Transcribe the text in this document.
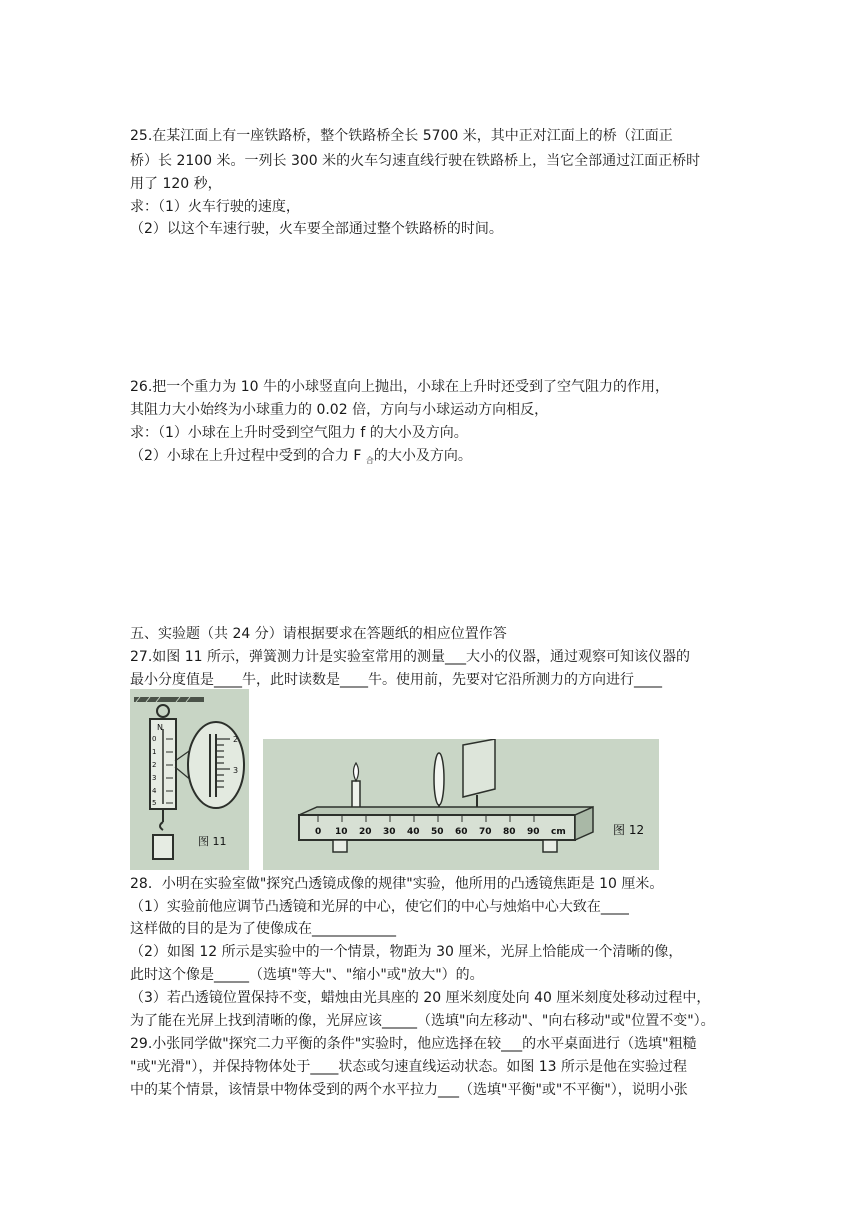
25.在某江面上有一座铁路桥，整个铁路桥全长 5700 米，其中正对江面上的桥（江面正
桥）长 2100 米。一列长 300 米的火车匀速直线行驶在铁路桥上，当它全部通过江面正桥时
用了 120 秒，
求：（1）火车行驶的速度，
（2）以这个车速行驶，火车要全部通过整个铁路桥的时间。
26.把一个重力为 10 牛的小球竖直向上抛出，小球在上升时还受到了空气阻力的作用，
其阻力大小始终为小球重力的 0.02 倍，方向与小球运动方向相反，
求：（1）小球在上升时受到空气阻力 f 的大小及方向。
（2）小球在上升过程中受到的合力 F $_合$的大小及方向。
五、实验题（共 24 分）请根据要求在答题纸的相应位置作答
27.如图 11 所示，弹簧测力计是实验室常用的测量___大小的仪器，通过观察可知该仪器的
最小分度值是____牛，此时读数是____牛。使用前，先要对它沿所测力的方向进行____
N
0
1
2
3
4
5
2
3
图 11
0 10 20 30 40 50 60 70 80 90 cm	图 12
28．小明在实验室做"探究凸透镜成像的规律"实验，他所用的凸透镜焦距是 10 厘米。
（1）实验前他应调节凸透镜和光屏的中心，使它们的中心与烛焰中心大致在____
这样做的目的是为了使像成在____________
（2）如图 12 所示是实验中的一个情景，物距为 30 厘米，光屏上恰能成一个清晰的像，
此时这个像是_____（选填"等大"、"缩小"或"放大"）的。
（3）若凸透镜位置保持不变，蜡烛由光具座的 20 厘米刻度处向 40 厘米刻度处移动过程中，
为了能在光屏上找到清晰的像，光屏应该_____（选填"向左移动"、"向右移动"或"位置不变"）。
29.小张同学做"探究二力平衡的条件"实验时，他应选择在较___的水平桌面进行（选填"粗糙
"或"光滑"），并保持物体处于____状态或匀速直线运动状态。如图 13 所示是他在实验过程
中的某个情景，该情景中物体受到的两个水平拉力___（选填"平衡"或"不平衡"），说明小张
